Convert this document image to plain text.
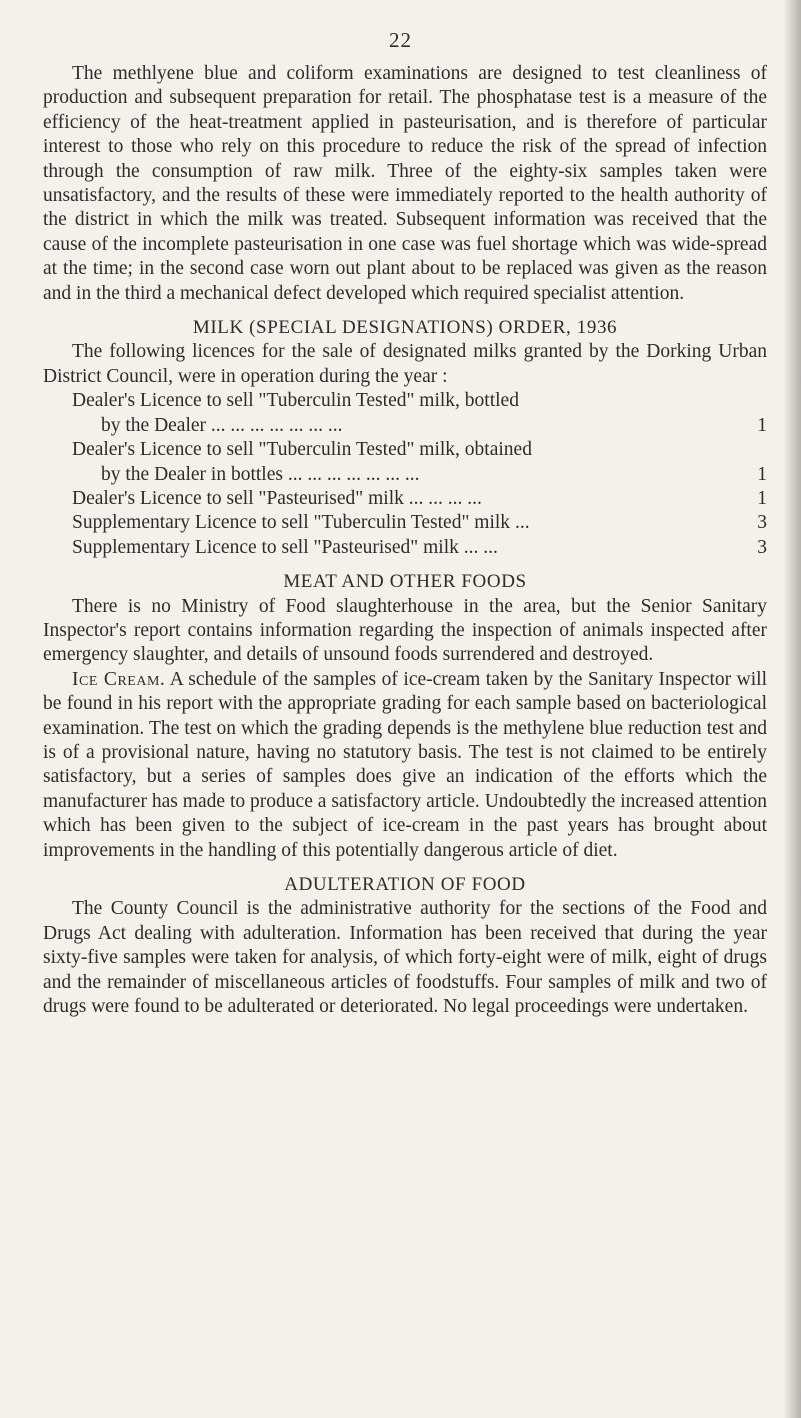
22

The methlyene blue and coliform examinations are designed to test cleanliness of production and subsequent preparation for retail. The phosphatase test is a measure of the efficiency of the heat-treatment applied in pasteurisation, and is therefore of particular interest to those who rely on this procedure to reduce the risk of the spread of infection through the consumption of raw milk. Three of the eighty-six samples taken were unsatisfactory, and the results of these were immediately reported to the health authority of the district in which the milk was treated. Subsequent information was received that the cause of the incomplete pasteurisation in one case was fuel shortage which was wide-spread at the time; in the second case worn out plant about to be replaced was given as the reason and in the third a mechanical defect developed which required specialist attention.

MILK (SPECIAL DESIGNATIONS) ORDER, 1936

The following licences for the sale of designated milks granted by the Dorking Urban District Council, were in operation during the year :

Dealer's Licence to sell "Tuberculin Tested" milk, bottled
by the Dealer ... ... ... ... ... ... ...	1
Dealer's Licence to sell "Tuberculin Tested" milk, obtained
by the Dealer in bottles ... ... ... ... ... ... ...	1
Dealer's Licence to sell "Pasteurised" milk ... ... ... ...	1
Supplementary Licence to sell "Tuberculin Tested" milk ...	3
Supplementary Licence to sell "Pasteurised" milk ... ...	3

MEAT AND OTHER FOODS

There is no Ministry of Food slaughterhouse in the area, but the Senior Sanitary Inspector's report contains information regarding the inspection of animals inspected after emergency slaughter, and details of unsound foods surrendered and destroyed.

Ice Cream. A schedule of the samples of ice-cream taken by the Sanitary Inspector will be found in his report with the appropriate grading for each sample based on bacteriological examination. The test on which the grading depends is the methylene blue reduction test and is of a provisional nature, having no statutory basis. The test is not claimed to be entirely satisfactory, but a series of samples does give an indication of the efforts which the manufacturer has made to produce a satisfactory article. Undoubtedly the increased attention which has been given to the subject of ice-cream in the past years has brought about improvements in the handling of this potentially dangerous article of diet.

ADULTERATION OF FOOD

The County Council is the administrative authority for the sections of the Food and Drugs Act dealing with adulteration. Information has been received that during the year sixty-five samples were taken for analysis, of which forty-eight were of milk, eight of drugs and the remainder of miscellaneous articles of foodstuffs. Four samples of milk and two of drugs were found to be adulterated or deteriorated. No legal proceedings were undertaken.
